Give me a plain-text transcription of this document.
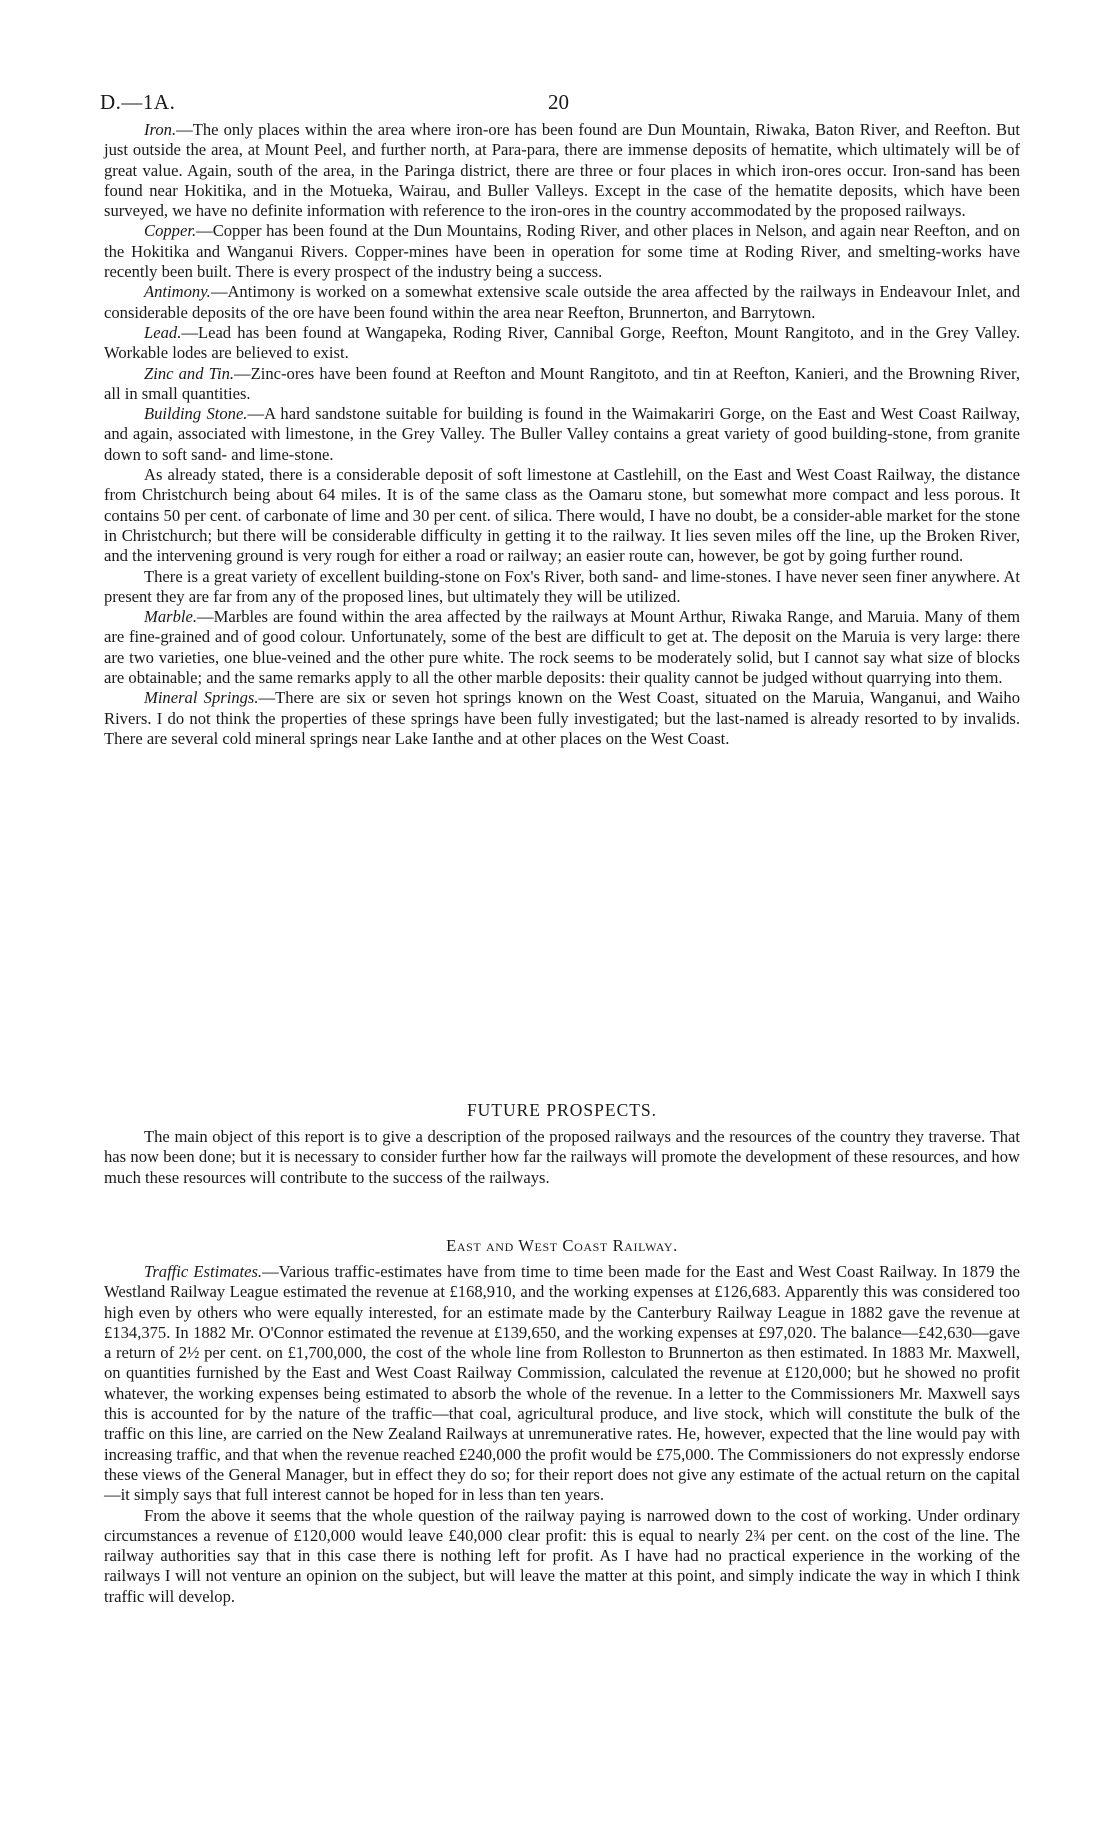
D.—1A.	20

Iron.—The only places within the area where iron-ore has been found are Dun Mountain, Riwaka, Baton River, and Reefton. But just outside the area, at Mount Peel, and further north, at Para-para, there are immense deposits of hematite, which ultimately will be of great value. Again, south of the area, in the Paringa district, there are three or four places in which iron-ores occur. Iron-sand has been found near Hokitika, and in the Motueka, Wairau, and Buller Valleys. Except in the case of the hematite deposits, which have been surveyed, we have no definite information with reference to the iron-ores in the country accommodated by the proposed railways.

Copper.—Copper has been found at the Dun Mountains, Roding River, and other places in Nelson, and again near Reefton, and on the Hokitika and Wanganui Rivers. Copper-mines have been in operation for some time at Roding River, and smelting-works have recently been built. There is every prospect of the industry being a success.

Antimony.—Antimony is worked on a somewhat extensive scale outside the area affected by the railways in Endeavour Inlet, and considerable deposits of the ore have been found within the area near Reefton, Brunnerton, and Barrytown.

Lead.—Lead has been found at Wangapeka, Roding River, Cannibal Gorge, Reefton, Mount Rangitoto, and in the Grey Valley. Workable lodes are believed to exist.

Zinc and Tin.—Zinc-ores have been found at Reefton and Mount Rangitoto, and tin at Reefton, Kanieri, and the Browning River, all in small quantities.

Building Stone.—A hard sandstone suitable for building is found in the Waimakariri Gorge, on the East and West Coast Railway, and again, associated with limestone, in the Grey Valley. The Buller Valley contains a great variety of good building-stone, from granite down to soft sand- and lime-stone.

As already stated, there is a considerable deposit of soft limestone at Castlehill, on the East and West Coast Railway, the distance from Christchurch being about 64 miles. It is of the same class as the Oamaru stone, but somewhat more compact and less porous. It contains 50 per cent. of carbonate of lime and 30 per cent. of silica. There would, I have no doubt, be a consider-able market for the stone in Christchurch; but there will be considerable difficulty in getting it to the railway. It lies seven miles off the line, up the Broken River, and the intervening ground is very rough for either a road or railway; an easier route can, however, be got by going further round.

There is a great variety of excellent building-stone on Fox's River, both sand- and lime-stones. I have never seen finer anywhere. At present they are far from any of the proposed lines, but ultimately they will be utilized.

Marble.—Marbles are found within the area affected by the railways at Mount Arthur, Riwaka Range, and Maruia. Many of them are fine-grained and of good colour. Unfortunately, some of the best are difficult to get at. The deposit on the Maruia is very large: there are two varieties, one blue-veined and the other pure white. The rock seems to be moderately solid, but I cannot say what size of blocks are obtainable; and the same remarks apply to all the other marble deposits: their quality cannot be judged without quarrying into them.

Mineral Springs.—There are six or seven hot springs known on the West Coast, situated on the Maruia, Wanganui, and Waiho Rivers. I do not think the properties of these springs have been fully investigated; but the last-named is already resorted to by invalids. There are several cold mineral springs near Lake Ianthe and at other places on the West Coast.

FUTURE PROSPECTS.

The main object of this report is to give a description of the proposed railways and the resources of the country they traverse. That has now been done; but it is necessary to consider further how far the railways will promote the development of these resources, and how much these resources will contribute to the success of the railways.

East and West Coast Railway.

Traffic Estimates.—Various traffic-estimates have from time to time been made for the East and West Coast Railway. In 1879 the Westland Railway League estimated the revenue at £168,910, and the working expenses at £126,683. Apparently this was considered too high even by others who were equally interested, for an estimate made by the Canterbury Railway League in 1882 gave the revenue at £134,375. In 1882 Mr. O'Connor estimated the revenue at £139,650, and the working expenses at £97,020. The balance—£42,630—gave a return of 2½ per cent. on £1,700,000, the cost of the whole line from Rolleston to Brunnerton as then estimated. In 1883 Mr. Maxwell, on quantities furnished by the East and West Coast Railway Commission, calculated the revenue at £120,000; but he showed no profit whatever, the working expenses being estimated to absorb the whole of the revenue. In a letter to the Commissioners Mr. Maxwell says this is accounted for by the nature of the traffic—that coal, agricultural produce, and live stock, which will constitute the bulk of the traffic on this line, are carried on the New Zealand Railways at unremunerative rates. He, however, expected that the line would pay with increasing traffic, and that when the revenue reached £240,000 the profit would be £75,000. The Commissioners do not expressly endorse these views of the General Manager, but in effect they do so; for their report does not give any estimate of the actual return on the capital—it simply says that full interest cannot be hoped for in less than ten years.

From the above it seems that the whole question of the railway paying is narrowed down to the cost of working. Under ordinary circumstances a revenue of £120,000 would leave £40,000 clear profit: this is equal to nearly 2¾ per cent. on the cost of the line. The railway authorities say that in this case there is nothing left for profit. As I have had no practical experience in the working of the railways I will not venture an opinion on the subject, but will leave the matter at this point, and simply indicate the way in which I think traffic will develop.
